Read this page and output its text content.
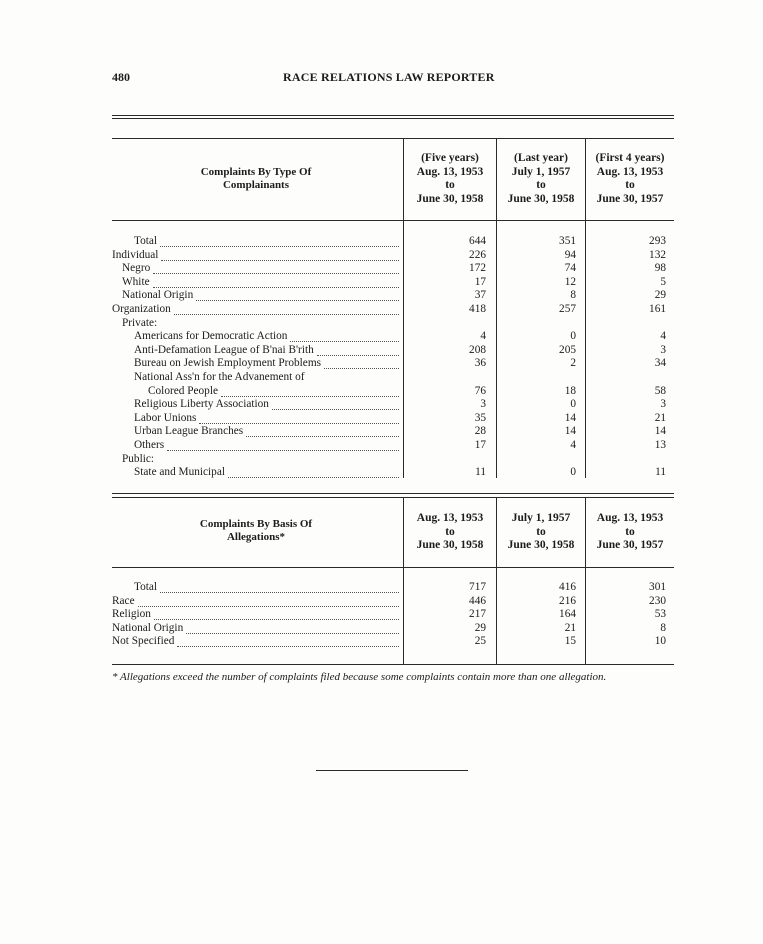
480	RACE RELATIONS LAW REPORTER
Complaints By Type Of
Complainants
(Five years)
Aug. 13, 1953
to
June 30, 1958
(Last year)
July 1, 1957
to
June 30, 1958
(First 4 years)
Aug. 13, 1953
to
June 30, 1957
Total	644	351	293
Individual	226	94	132
Negro	172	74	98
White	17	12	5
National Origin	37	8	29
Organization	418	257	161
Private:
Americans for Democratic Action	4	0	4
Anti-Defamation League of B'nai B'rith	208	205	3
Bureau on Jewish Employment Problems	36	2	34
National Ass'n for the Advanement of
Colored People	76	18	58
Religious Liberty Association	3	0	3
Labor Unions	35	14	21
Urban League Branches	28	14	14
Others	17	4	13
Public:
State and Municipal	11	0	11
Complaints By Basis Of
Allegations*
Aug. 13, 1953
to
June 30, 1958
July 1, 1957
to
June 30, 1958
Aug. 13, 1953
to
June 30, 1957
Total	717	416	301
Race	446	216	230
Religion	217	164	53
National Origin	29	21	8
Not Specified	25	15	10
* Allegations exceed the number of complaints filed because some complaints contain more than one allegation.
